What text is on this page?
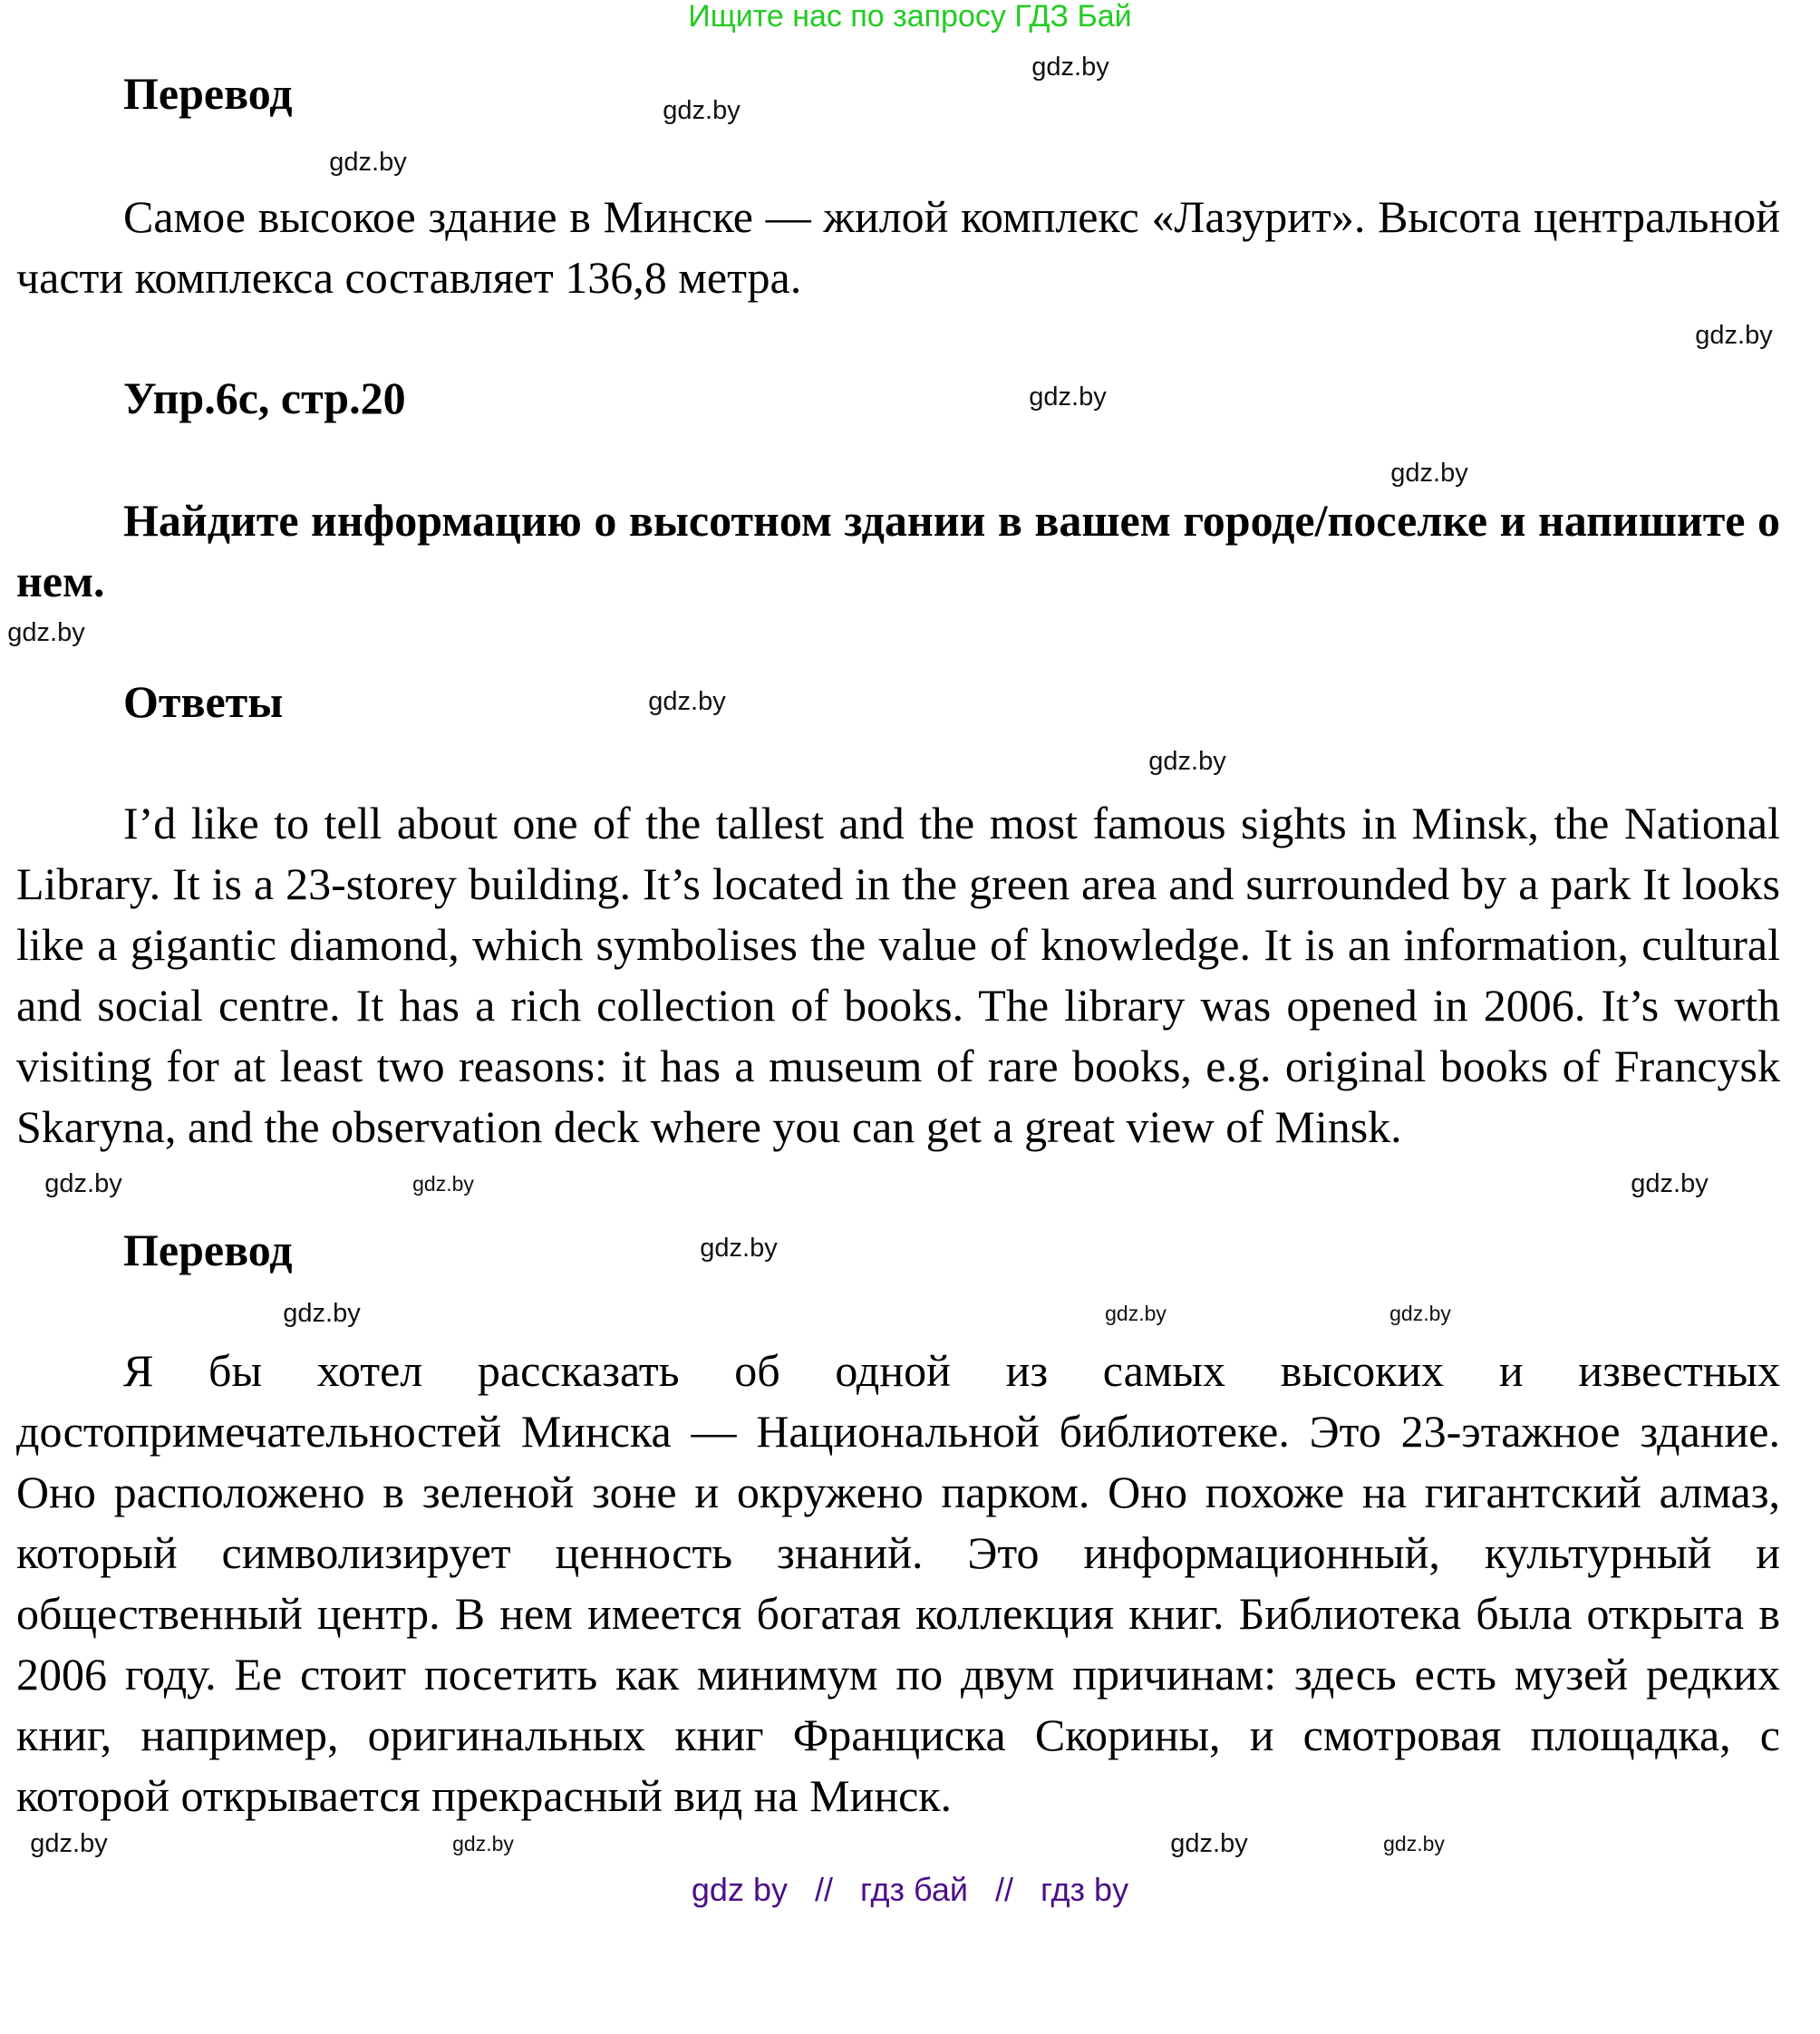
Ищите нас по запросу ГДЗ Бай
Перевод
gdz.by
gdz.by
gdz.by
Самое высокое здание в Минске — жилой комплекс «Лазурит». Высота центральной части комплекса составляет 136,8 метра.
Упр.6с, стр.20
gdz.by
gdz.by
gdz.by
Найдите информацию о высотном здании в вашем городе/поселке и напишите о нем.
Ответы
gdz.by
gdz.by
gdz.by
I’d like to tell about one of the tallest and the most famous sights in Minsk, the National Library. It is a 23-storey building. It’s located in the green area and surrounded by a park It looks like a gigantic diamond, which symbolises the value of knowledge. It is an information, cultural and social centre. It has a rich collection of books. The library was opened in 2006. It’s worth visiting for at least two reasons: it has a museum of rare books, e.g. original books of Francysk Skaryna, and the observation deck where you can get a great view of Minsk.
Перевод
gdz.by	gdz.by	gdz.by
gdz.by
gdz.by	gdz.by	gdz.by
Я бы хотел рассказать об одной из самых высоких и известных достопримечательностей Минска — Национальной библиотеке. Это 23-этажное здание. Оно расположено в зеленой зоне и окружено парком. Оно похоже на гигантский алмаз, который символизирует ценность знаний. Это информационный, культурный и общественный центр. В нем имеется богатая коллекция книг. Библиотека была открыта в 2006 году. Ее стоит посетить как минимум по двум причинам: здесь есть музей редких книг, например, оригинальных книг Франциска Скорины, и смотровая площадка, с которой открывается прекрасный вид на Минск.
gdz.by	gdz.by	gdz.by	gdz.by
gdz by // гдз бай // гдз by
